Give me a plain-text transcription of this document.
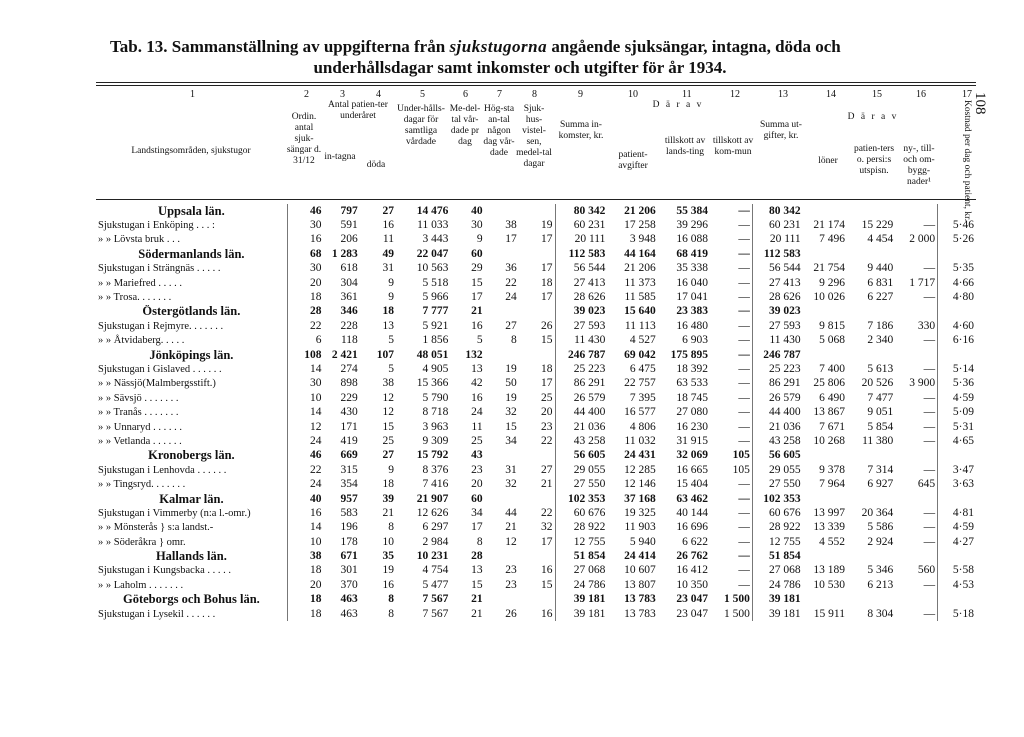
Tab. 13. Sammanställning av uppgifterna från sjukstugorna angående sjuksängar, intagna, döda och
underhållsdagar samt inkomster och utgifter för år 1934.
108
1	2	3	4	5	6	7	8	9	10	11	12	13	14	15	16	17
Landstingsområden, sjukstugor
Ordin. antal sjuk-sängar d. 31/12
Antal patien-ter underåret
in-tagna
döda
Under-hålls-dagar för samtliga vårdade
Me-del-tal vår-dade pr dag
Hög-sta an-tal någon dag vår-dade
Sjuk-hus-vistel-sen, medel-tal dagar
Summa in-komster, kr.
D ä r a v
patient-avgifter
tillskott av lands-ting
tillskott av kom-mun
Summa ut-gifter, kr.
D ä r a v
löner
patien-ters o. persi:s utspisn.
ny-, till- och om-bygg-nader¹	Kostnad per dag och patient, kr.
Uppsala län.	46	797	27	14 476	40			80 342	21 206	55 384	—	80 342				
Sjukstugan i Enköping . . . :	30	591	16	11 033	30	38	19	60 231	17 258	39 296	—	60 231	21 174	15 229	—	5·46
» » Lövsta bruk . . .	16	206	11	3 443	9	17	17	20 111	3 948	16 088	—	20 111	7 496	4 454	2 000	5·26
Södermanlands län.	68	1 283	49	22 047	60			112 583	44 164	68 419	—	112 583				
Sjukstugan i Strängnäs . . . . .	30	618	31	10 563	29	36	17	56 544	21 206	35 338	—	56 544	21 754	9 440	—	5·35
» » Mariefred . . . . .	20	304	9	5 518	15	22	18	27 413	11 373	16 040	—	27 413	9 296	6 831	1 717	4·66
» » Trosa. . . . . . .	18	361	9	5 966	17	24	17	28 626	11 585	17 041	—	28 626	10 026	6 227	—	4·80
Östergötlands län.	28	346	18	7 777	21			39 023	15 640	23 383	—	39 023				
Sjukstugan i Rejmyre. . . . . . .	22	228	13	5 921	16	27	26	27 593	11 113	16 480	—	27 593	9 815	7 186	330	4·60
» » Åtvidaberg. . . . .	6	118	5	1 856	5	8	15	11 430	4 527	6 903	—	11 430	5 068	2 340	—	6·16
Jönköpings län.	108	2 421	107	48 051	132			246 787	69 042	175 895	—	246 787				
Sjukstugan i Gislaved . . . . . .	14	274	5	4 905	13	19	18	25 223	6 475	18 392	—	25 223	7 400	5 613	—	5·14
» » Nässjö(Malmbergsstift.)	30	898	38	15 366	42	50	17	86 291	22 757	63 533	—	86 291	25 806	20 526	3 900	5·36
» » Sävsjö . . . . . . .	10	229	12	5 790	16	19	25	26 579	7 395	18 745	—	26 579	6 490	7 477	—	4·59
» » Tranås . . . . . . .	14	430	12	8 718	24	32	20	44 400	16 577	27 080	—	44 400	13 867	9 051	—	5·09
» » Unnaryd . . . . . .	12	171	15	3 963	11	15	23	21 036	4 806	16 230	—	21 036	7 671	5 854	—	5·31
» » Vetlanda . . . . . .	24	419	25	9 309	25	34	22	43 258	11 032	31 915	—	43 258	10 268	11 380	—	4·65
Kronobergs län.	46	669	27	15 792	43			56 605	24 431	32 069	105	56 605				
Sjukstugan i Lenhovda . . . . . .	22	315	9	8 376	23	31	27	29 055	12 285	16 665	105	29 055	9 378	7 314	—	3·47
» » Tingsryd. . . . . . .	24	354	18	7 416	20	32	21	27 550	12 146	15 404	—	27 550	7 964	6 927	645	3·63
Kalmar län.	40	957	39	21 907	60			102 353	37 168	63 462	—	102 353				
Sjukstugan i Vimmerby (n:a l.-omr.)	16	583	21	12 626	34	44	22	60 676	19 325	40 144	—	60 676	13 997	20 364	—	4·81
» » Mönsterås } s:a landst.-	14	196	8	6 297	17	21	32	28 922	11 903	16 696	—	28 922	13 339	5 586	—	4·59
» » Söderåkra } omr.	10	178	10	2 984	8	12	17	12 755	5 940	6 622	—	12 755	4 552	2 924	—	4·27
Hallands län.	38	671	35	10 231	28			51 854	24 414	26 762	—	51 854				
Sjukstugan i Kungsbacka . . . . .	18	301	19	4 754	13	23	16	27 068	10 607	16 412	—	27 068	13 189	5 346	560	5·58
» » Laholm . . . . . . .	20	370	16	5 477	15	23	15	24 786	13 807	10 350	—	24 786	10 530	6 213	—	4·53
Göteborgs och Bohus län.	18	463	8	7 567	21			39 181	13 783	23 047	1 500	39 181				
Sjukstugan i Lysekil . . . . . .	18	463	8	7 567	21	26	16	39 181	13 783	23 047	1 500	39 181	15 911	8 304	—	5·18
